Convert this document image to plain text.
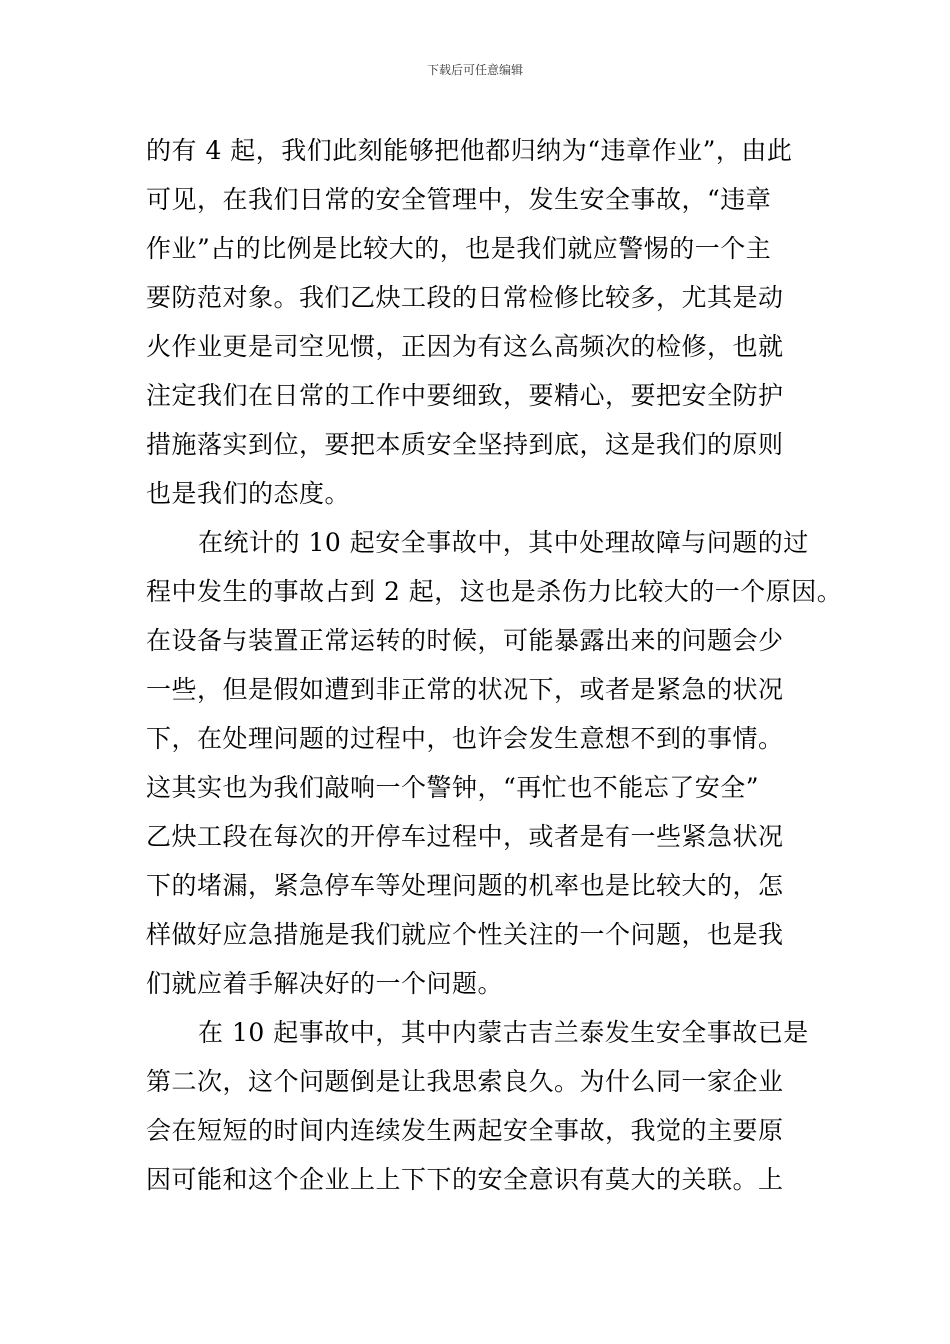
下载后可任意编辑
的有 4 起，我们此刻能够把他都归纳为“违章作业”，由此
可见，在我们日常的安全管理中，发生安全事故，“违章
作业”占的比例是比较大的，也是我们就应警惕的一个主
要防范对象。我们乙炔工段的日常检修比较多，尤其是动
火作业更是司空见惯，正因为有这么高频次的检修，也就
注定我们在日常的工作中要细致，要精心，要把安全防护
措施落实到位，要把本质安全坚持到底，这是我们的原则
也是我们的态度。
在统计的 10 起安全事故中，其中处理故障与问题的过
程中发生的事故占到 2 起，这也是杀伤力比较大的一个原因。
在设备与装置正常运转的时候，可能暴露出来的问题会少
一些，但是假如遭到非正常的状况下，或者是紧急的状况
下，在处理问题的过程中，也许会发生意想不到的事情。
这其实也为我们敲响一个警钟，“再忙也不能忘了安全”
乙炔工段在每次的开停车过程中，或者是有一些紧急状况
下的堵漏，紧急停车等处理问题的机率也是比较大的，怎
样做好应急措施是我们就应个性关注的一个问题，也是我
们就应着手解决好的一个问题。
在 10 起事故中，其中内蒙古吉兰泰发生安全事故已是
第二次，这个问题倒是让我思索良久。为什么同一家企业
会在短短的时间内连续发生两起安全事故，我觉的主要原
因可能和这个企业上上下下的安全意识有莫大的关联。上
